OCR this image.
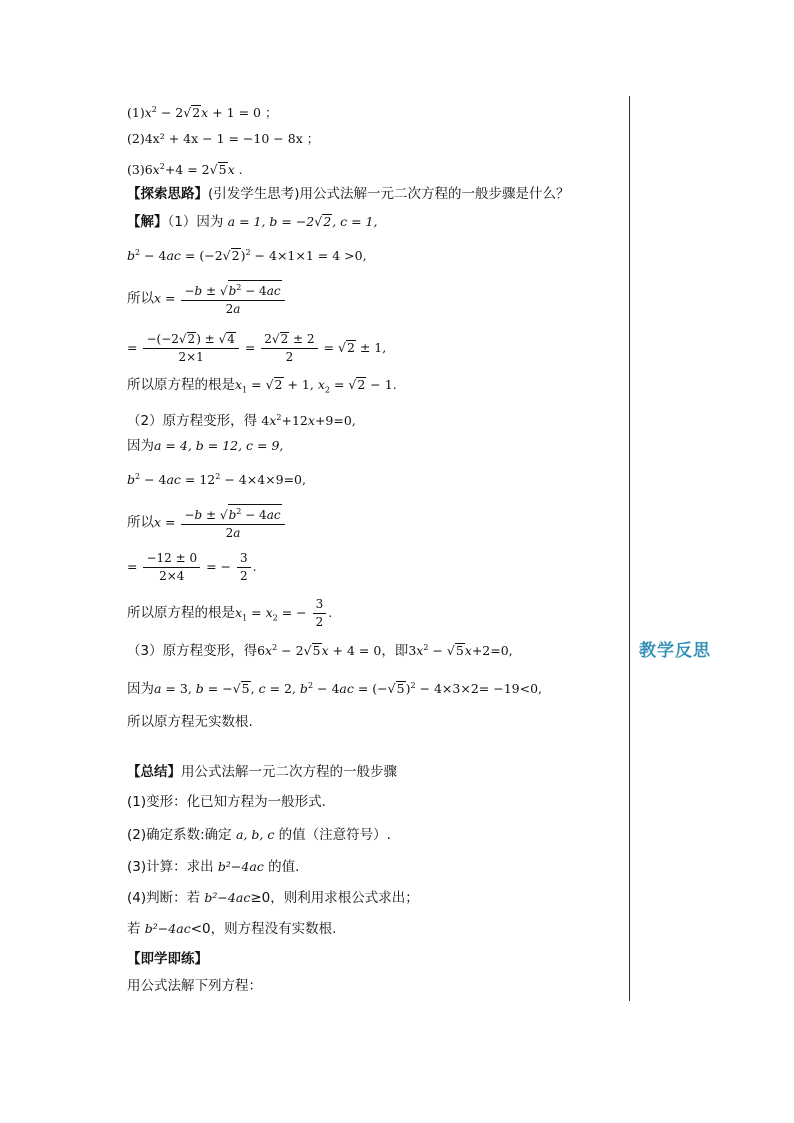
教学反思
$(1)x^2 - 2√2x + 1 = 0$ ；
(2)4x² + 4x − 1 = −10 − 8x ；
$(3)6x^2+4 = 2√5x$ .
【探索思路】(引发学生思考)用公式法解一元二次方程的一般步骤是什么？
【解】（1）因为 a = 1, b = −2√2, c = 1,
$b^2 - 4ac = (-2√2)^2 - 4\times 1\times 1 = 4 >0$,
所以$x = \frac{-b \pm √b^2 - 4ac}{2a}$
= $\frac{-(-2√2) \pm √4}{2\times 1} = \frac{2√2 \pm 2}{2} = √2 \pm 1$,
所以原方程的根是$x_1 = √2 + 1$, $x_2 = √2 - 1$.
（2）原方程变形，得 $4x^2+12x+9=0$,
因为a = 4, b = 12, c = 9,
$b^2 - 4ac = 12^2 - 4\times 4\times 9=0$,
所以$x = \frac{-b \pm √b^2 - 4ac}{2a}$
= $\frac{-12 \pm 0}{2\times 4}$ = − $\frac{3}{2}$ .
所以原方程的根是$x_1 = x_2$ = − $\frac{3}{2}$ .
（3）原方程变形，得$6x^2 - 2√5x + 4 = 0$，即$3x^2 - √5x+2=0$,
因为a = 3, b = −√5, c = 2, $b^2 - 4ac = (-√5)^2 - 4\times 3\times 2= -19<0$,
所以原方程无实数根.
【总结】用公式法解一元二次方程的一般步骤
(1)变形：化已知方程为一般形式.
(2)确定系数:确定 a, b, c 的值（注意符号）.
(3)计算：求出 b²−4ac 的值.
(4)判断：若 b²−4ac≥0，则利用求根公式求出；
若 b²−4ac<0，则方程没有实数根.
【即学即练】
用公式法解下列方程：
